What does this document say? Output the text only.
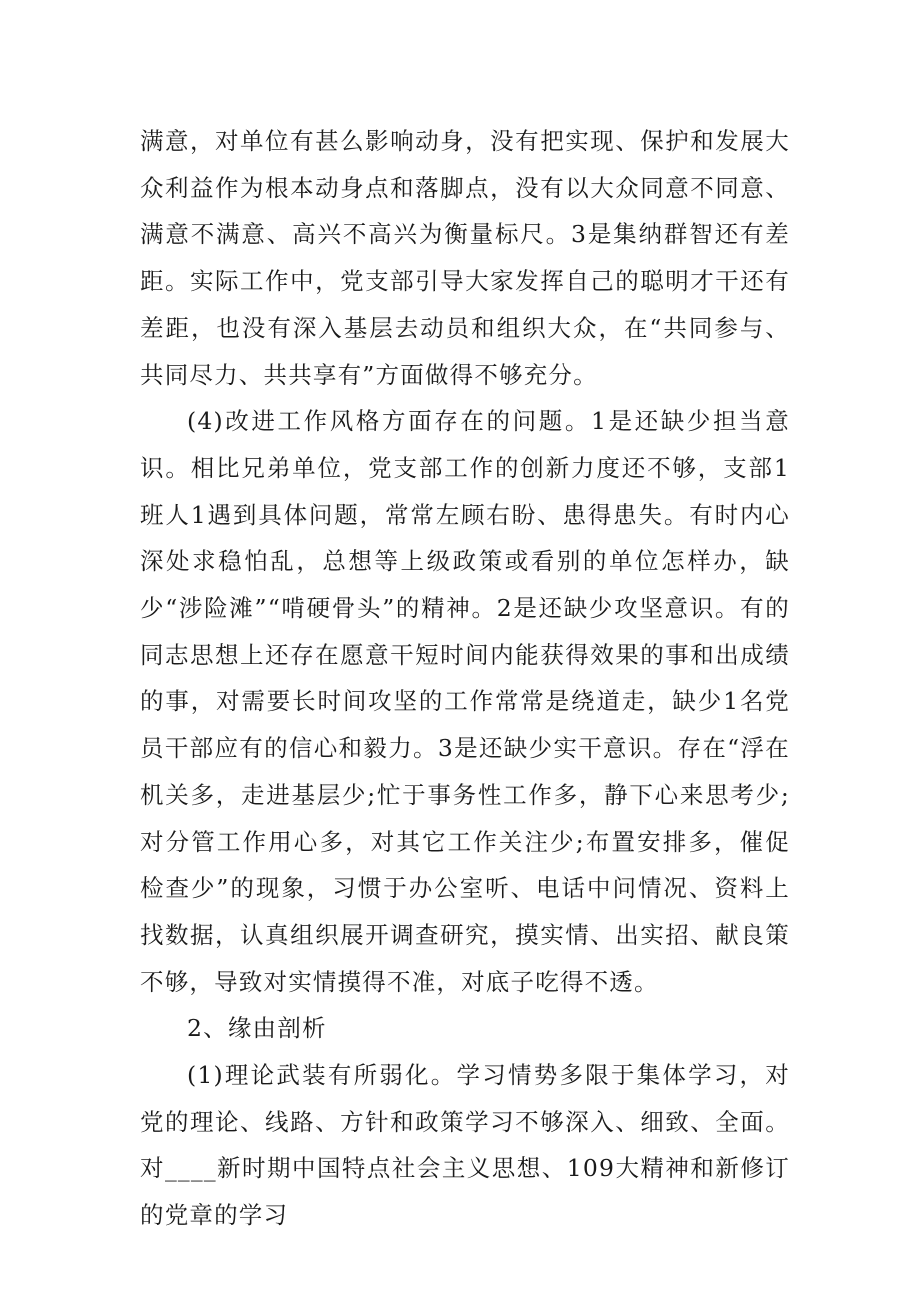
满意，对单位有甚么影响动身，没有把实现、保护和发展大众利益作为根本动身点和落脚点，没有以大众同意不同意、满意不满意、高兴不高兴为衡量标尺。3是集纳群智还有差距。实际工作中，党支部引导大家发挥自己的聪明才干还有差距，也没有深入基层去动员和组织大众，在“共同参与、共同尽力、共共享有”方面做得不够充分。

(4)改进工作风格方面存在的问题。1是还缺少担当意识。相比兄弟单位，党支部工作的创新力度还不够，支部1班人1遇到具体问题，常常左顾右盼、患得患失。有时内心深处求稳怕乱，总想等上级政策或看别的单位怎样办，缺少“涉险滩”“啃硬骨头”的精神。2是还缺少攻坚意识。有的同志思想上还存在愿意干短时间内能获得效果的事和出成绩的事，对需要长时间攻坚的工作常常是绕道走，缺少1名党员干部应有的信心和毅力。3是还缺少实干意识。存在“浮在机关多，走进基层少;忙于事务性工作多，静下心来思考少;对分管工作用心多，对其它工作关注少;布置安排多，催促检查少”的现象，习惯于办公室听、电话中问情况、资料上找数据，认真组织展开调查研究，摸实情、出实招、献良策不够，导致对实情摸得不准，对底子吃得不透。

2、缘由剖析

(1)理论武装有所弱化。学习情势多限于集体学习，对党的理论、线路、方针和政策学习不够深入、细致、全面。对____新时期中国特点社会主义思想、109大精神和新修订的党章的学习
